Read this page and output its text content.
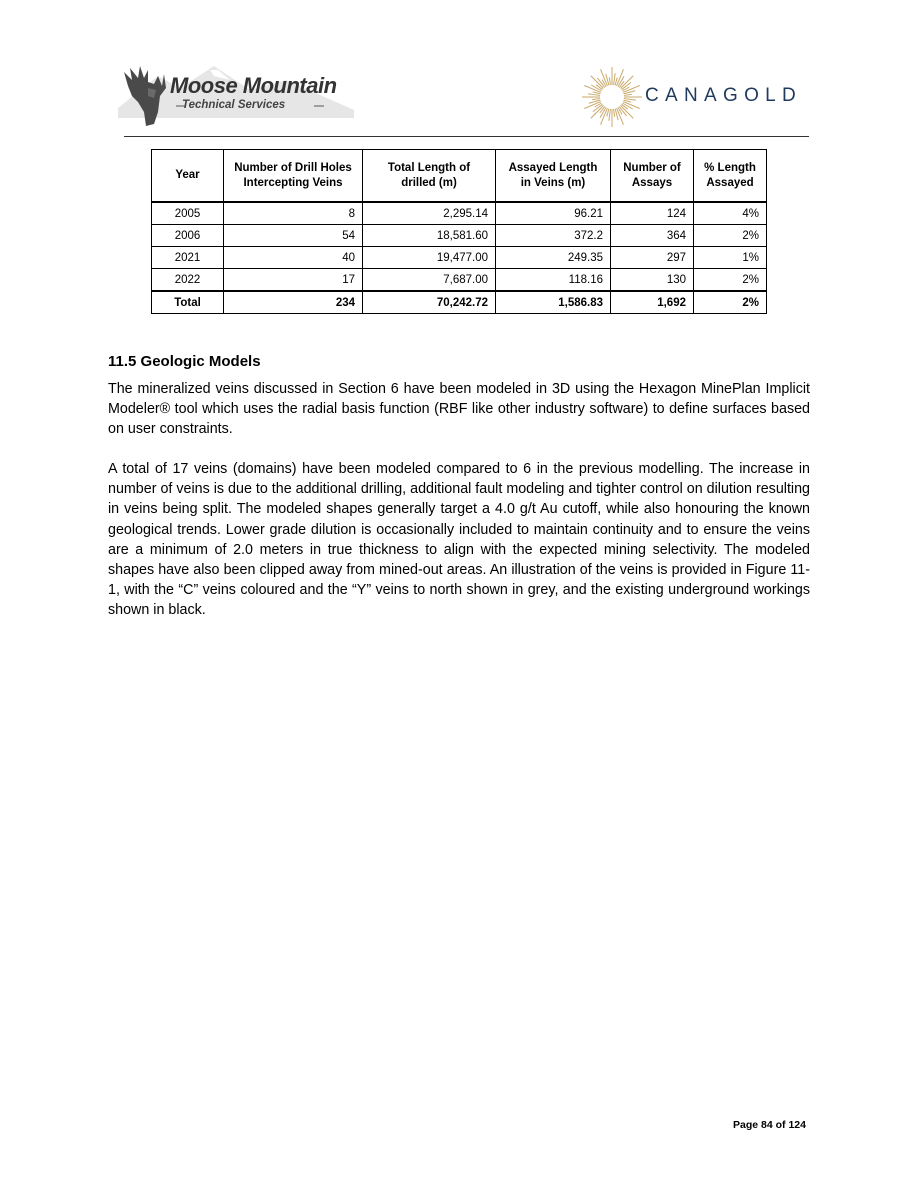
Moose Mountain
Technical Services	CANAGOLD
Year	Number of Drill Holes Intercepting Veins	Total Length of drilled (m)	Assayed Length in Veins (m)	Number of Assays	% Length Assayed
2005	8	2,295.14	96.21	124	4%
2006	54	18,581.60	372.2	364	2%
2021	40	19,477.00	249.35	297	1%
2022	17	7,687.00	118.16	130	2%
Total	234	70,242.72	1,586.83	1,692	2%
11.5 Geologic Models

The mineralized veins discussed in Section 6 have been modeled in 3D using the Hexagon MinePlan Implicit Modeler® tool which uses the radial basis function (RBF like other industry software) to define surfaces based on user constraints.

A total of 17 veins (domains) have been modeled compared to 6 in the previous modelling. The increase in number of veins is due to the additional drilling, additional fault modeling and tighter control on dilution resulting in veins being split. The modeled shapes generally target a 4.0 g/t Au cutoff, while also honouring the known geological trends. Lower grade dilution is occasionally included to maintain continuity and to ensure the veins are a minimum of 2.0 meters in true thickness to align with the expected mining selectivity. The modeled shapes have also been clipped away from mined-out areas. An illustration of the veins is provided in Figure 11-1, with the “C” veins coloured and the “Y” veins to north shown in grey, and the existing underground workings shown in black.

Page 84 of 124
